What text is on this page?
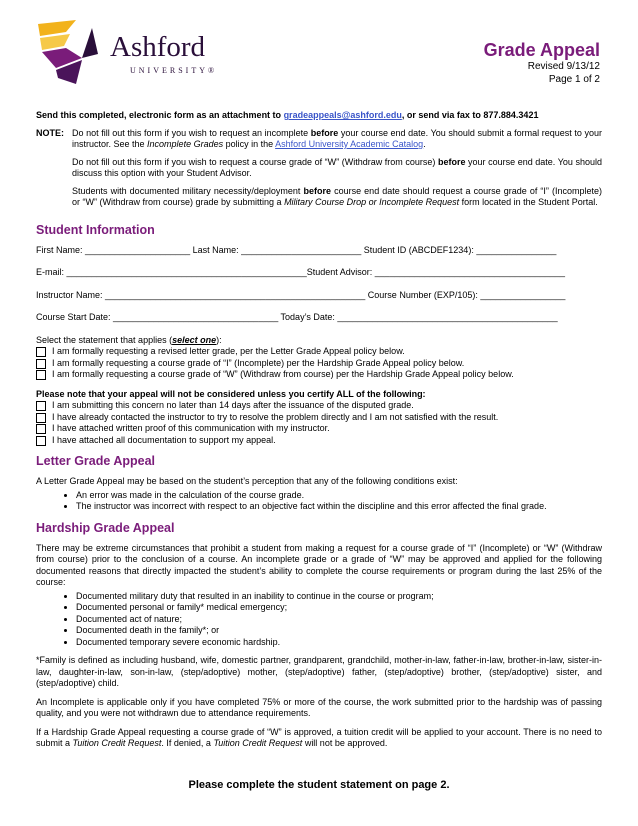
Ashford
UNIVERSITY®
Grade Appeal
Revised 9/13/12
Page 1 of 2

Send this completed, electronic form as an attachment to gradeappeals@ashford.edu, or send via fax to 877.884.3421

NOTE: Do not fill out this form if you wish to request an incomplete before your course end date. You should submit a formal request to your instructor. See the Incomplete Grades policy in the Ashford University Academic Catalog.

Do not fill out this form if you wish to request a course grade of “W” (Withdraw from course) before your course end date. You should discuss this option with your Student Advisor.

Students with documented military necessity/deployment before course end date should request a course grade of “I” (Incomplete) or “W” (Withdraw from course) grade by submitting a Military Course Drop or Incomplete Request form located in the Student Portal.

Student Information
First Name: _____________________ Last Name: ________________________ Student ID (ABCDEF1234): ________________
E-mail: ________________________________________________Student Advisor: ______________________________________
Instructor Name: ____________________________________________________ Course Number (EXP/105): _________________
Course Start Date: _________________________________ Today’s Date: ____________________________________________

Select the statement that applies (select one):

I am formally requesting a revised letter grade, per the Letter Grade Appeal policy below.
I am formally requesting a course grade of “I” (Incomplete) per the Hardship Grade Appeal policy below.
I am formally requesting a course grade of “W” (Withdraw from course) per the Hardship Grade Appeal policy below.

Please note that your appeal will not be considered unless you certify ALL of the following:

I am submitting this concern no later than 14 days after the issuance of the disputed grade.
I have already contacted the instructor to try to resolve the problem directly and I am not satisfied with the result.
I have attached written proof of this communication with my instructor.
I have attached all documentation to support my appeal.
Letter Grade Appeal

A Letter Grade Appeal may be based on the student’s perception that any of the following conditions exist:

• An error was made in the calculation of the course grade.
• The instructor was incorrect with respect to an objective fact within the discipline and this error affected the final grade.
Hardship Grade Appeal

There may be extreme circumstances that prohibit a student from making a request for a course grade of “I” (Incomplete) or “W” (Withdraw from course) prior to the conclusion of a course. An incomplete grade or a grade of “W” may be approved and applied for the following documented reasons that directly impacted the student’s ability to complete the course requirements or program during the last 25% of the course:

• Documented military duty that resulted in an inability to continue in the course or program;
• Documented personal or family* medical emergency;
• Documented act of nature;
• Documented death in the family*; or
• Documented temporary severe economic hardship.

*Family is defined as including husband, wife, domestic partner, grandparent, grandchild, mother-in-law, father-in-law, brother-in-law, sister-in-law, daughter-in-law, son-in-law, (step/adoptive) mother, (step/adoptive) father, (step/adoptive) brother, (step/adoptive) sister, and (step/adoptive) child.

An Incomplete is applicable only if you have completed 75% or more of the course, the work submitted prior to the hardship was of passing quality, and you were not withdrawn due to attendance requirements.

If a Hardship Grade Appeal requesting a course grade of “W” is approved, a tuition credit will be applied to your account. There is no need to submit a Tuition Credit Request. If denied, a Tuition Credit Request will not be approved.

Please complete the student statement on page 2.
